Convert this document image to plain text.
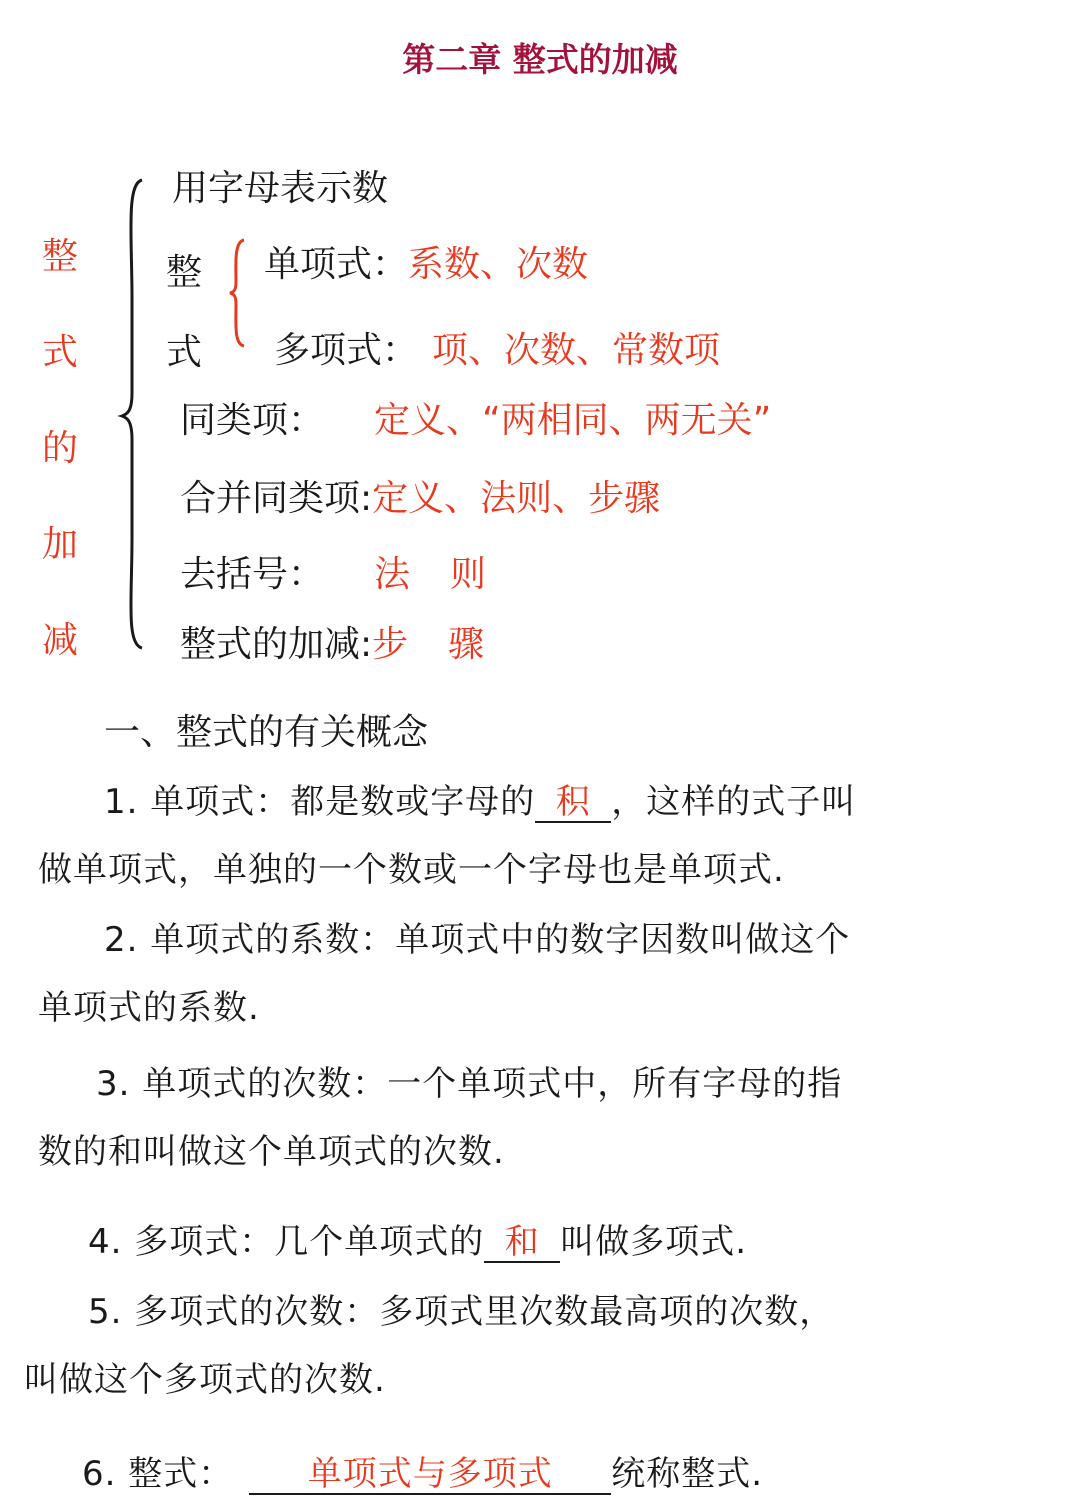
第二章 整式的加减
整
式
的
加
减
用字母表示数
整
式
单项式：系数、次数
多项式： 项、次数、常数项
同类项： 定义、“两相同、两无关”
合并同类项:定义、法则、步骤
去括号： 法 则
整式的加减:步 骤
一、整式的有关概念
1. 单项式：都是数或字母的 积 ，这样的式子叫
做单项式，单独的一个数或一个字母也是单项式.
2. 单项式的系数：单项式中的数字因数叫做这个
单项式的系数.
3. 单项式的次数：一个单项式中，所有字母的指
数的和叫做这个单项式的次数.
4. 多项式：几个单项式的 和 叫做多项式.
5. 多项式的次数：多项式里次数最高项的次数，
叫做这个多项式的次数.
6. 整式： 单项式与多项式 统称整式.
